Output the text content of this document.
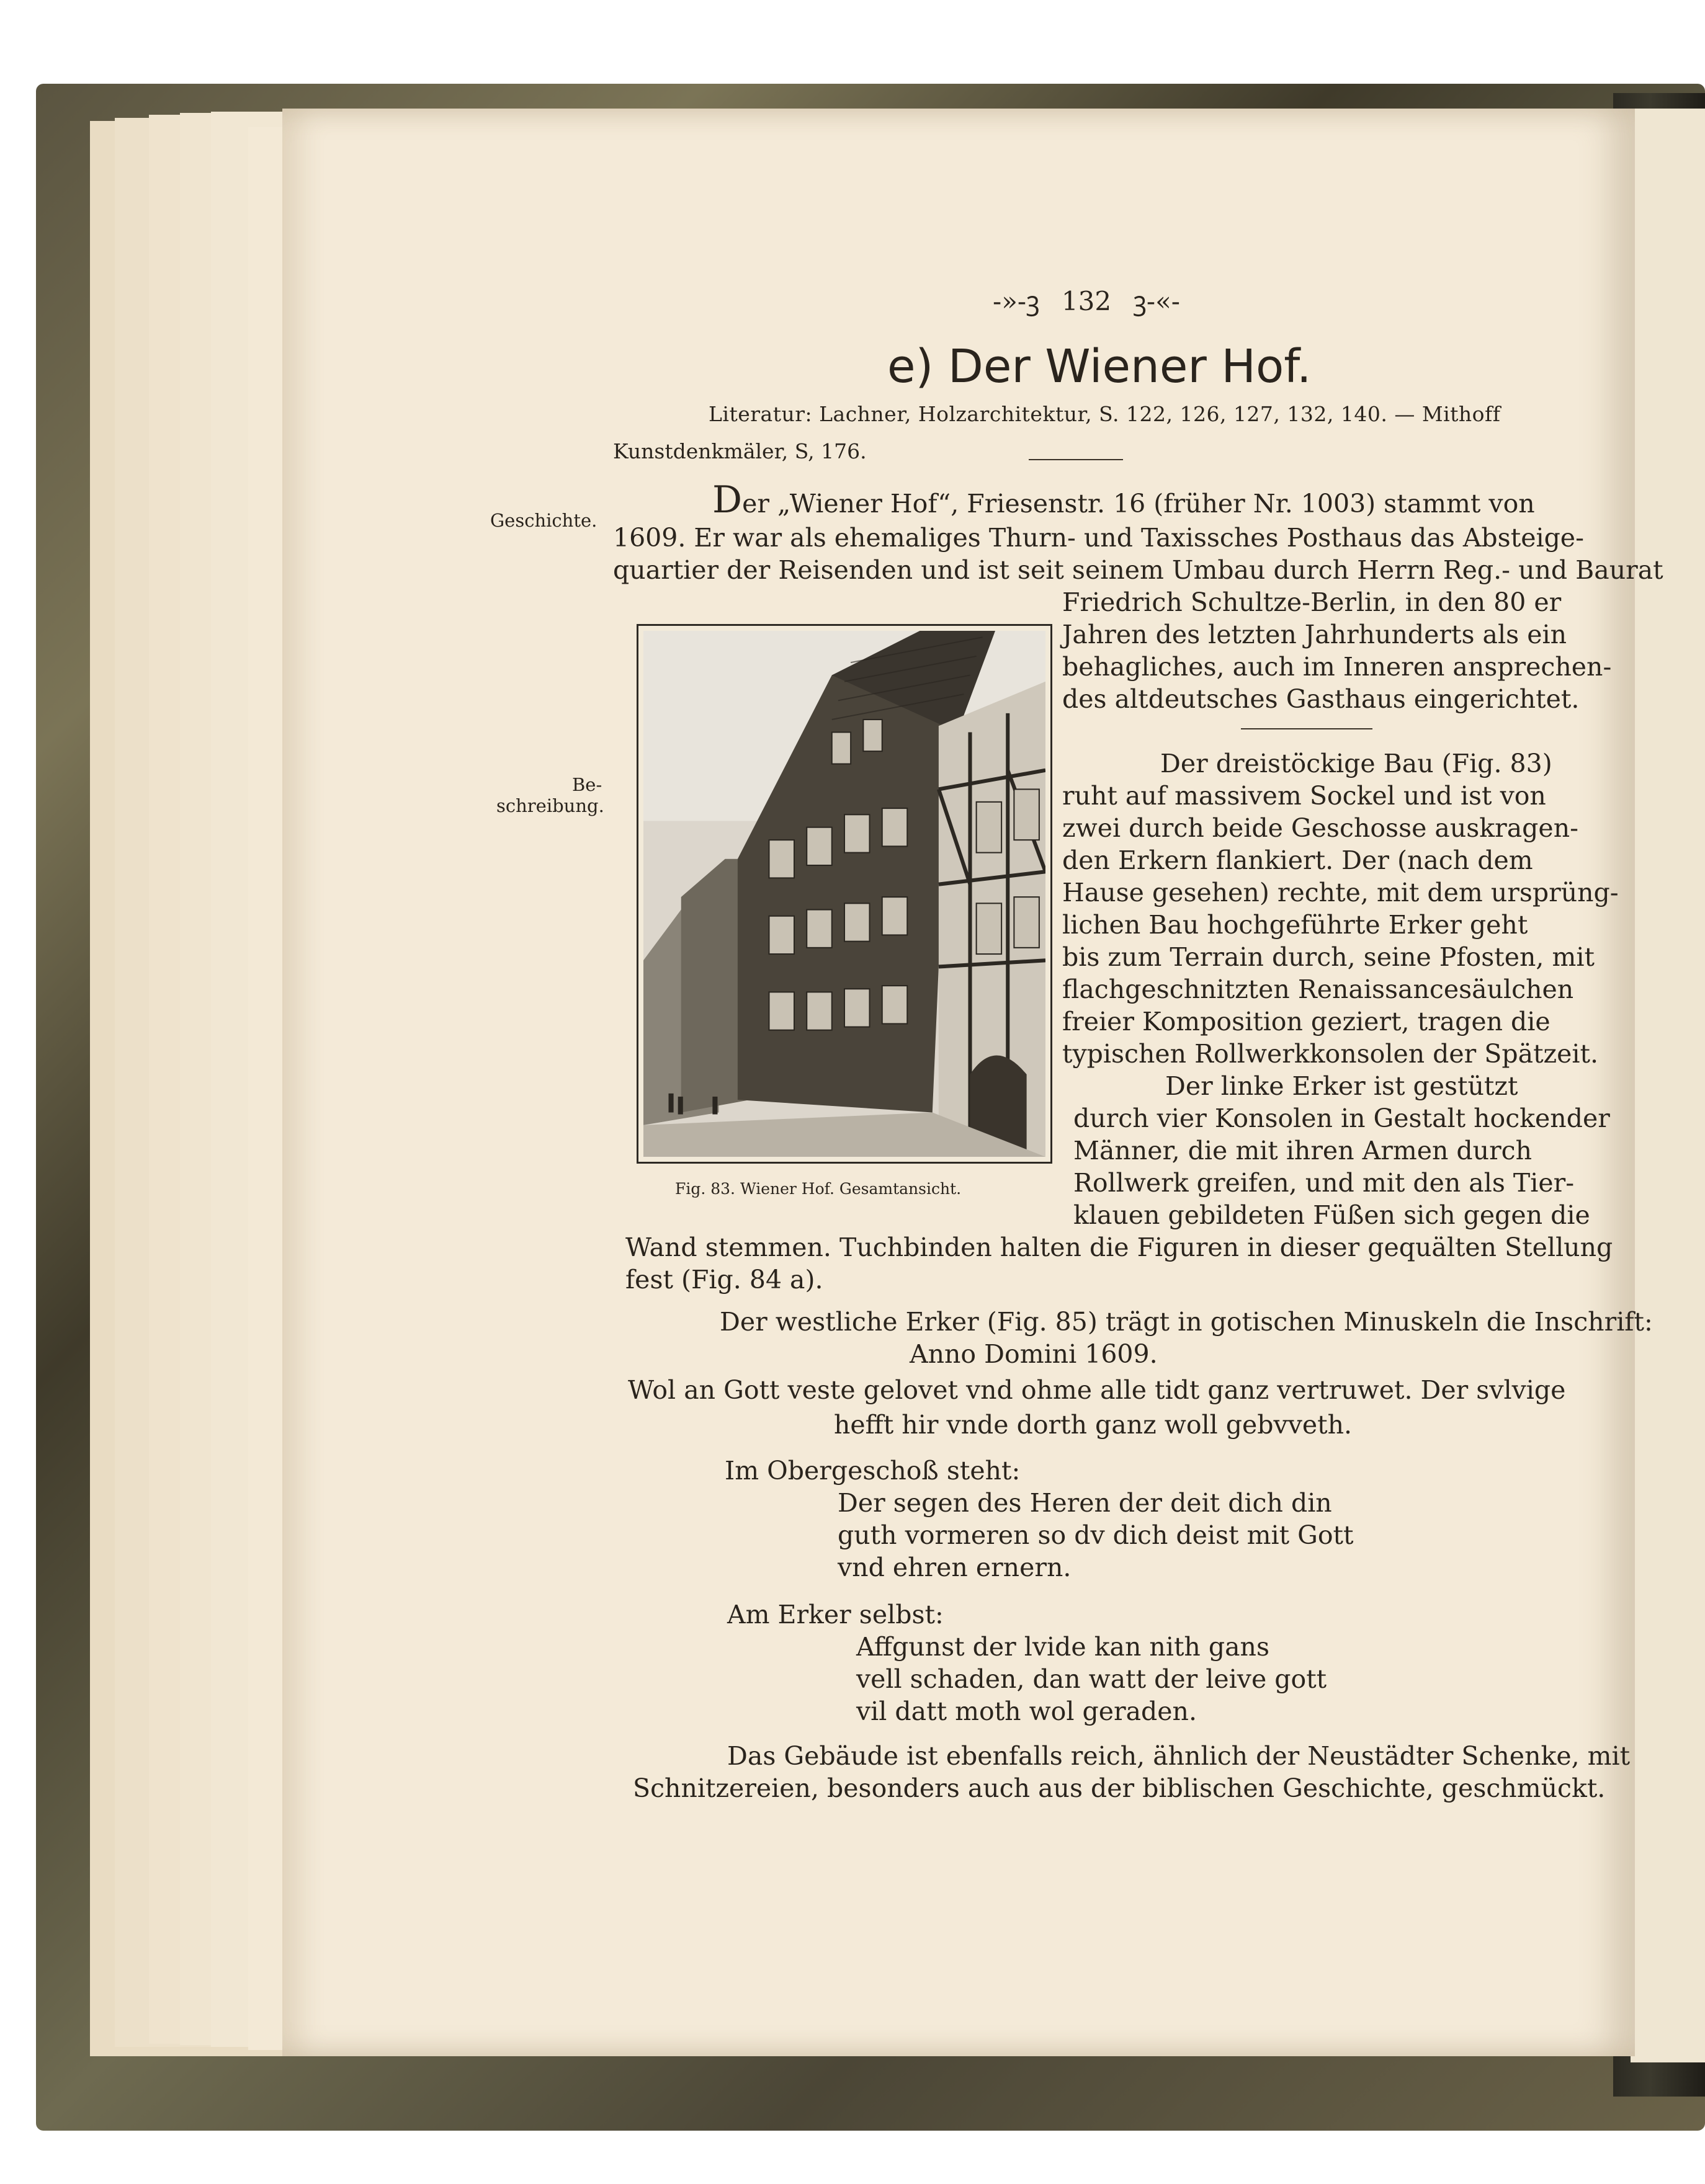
-»-ꝫ 132 ꝫ-«-
e) Der Wiener Hof.
Literatur: Lachner, Holzarchitektur, S. 122, 126, 127, 132, 140. — Mithoff
Kunstdenkmäler, S, 176.
Geschichte.
Be-
schreibung.
Der „Wiener Hof“, Friesenstr. 16 (früher Nr. 1003) stammt von
1609. Er war als ehemaliges Thurn- und Taxissches Posthaus das Absteige-
quartier der Reisenden und ist seit seinem Umbau durch Herrn Reg.- und Baurat
Friedrich Schultze-Berlin, in den 80 er
Jahren des letzten Jahrhunderts als ein
behagliches, auch im Inneren ansprechen-
des altdeutsches Gasthaus eingerichtet.
Fig. 83. Wiener Hof. Gesamtansicht.
Der dreistöckige Bau (Fig. 83)
ruht auf massivem Sockel und ist von
zwei durch beide Geschosse auskragen-
den Erkern flankiert. Der (nach dem
Hause gesehen) rechte, mit dem ursprüng-
lichen Bau hochgeführte Erker geht
bis zum Terrain durch, seine Pfosten, mit
flachgeschnitzten Renaissancesäulchen
freier Komposition geziert, tragen die
typischen Rollwerkkonsolen der Spätzeit.
Der linke Erker ist gestützt
durch vier Konsolen in Gestalt hockender
Männer, die mit ihren Armen durch
Rollwerk greifen, und mit den als Tier-
klauen gebildeten Füßen sich gegen die
Wand stemmen. Tuchbinden halten die Figuren in dieser gequälten Stellung
fest (Fig. 84 a).
Der westliche Erker (Fig. 85) trägt in gotischen Minuskeln die Inschrift:
Anno Domini 1609.
Wol an Gott veste gelovet vnd ohme alle tidt ganz vertruwet. Der svlvige
hefft hir vnde dorth ganz woll gebvveth.
Im Obergeschoß steht:
Der segen des Heren der deit dich din
guth vormeren so dv dich deist mit Gott
vnd ehren ernern.
Am Erker selbst:
Affgunst der lvide kan nith gans
vell schaden, dan watt der leive gott
vil datt moth wol geraden.
Das Gebäude ist ebenfalls reich, ähnlich der Neustädter Schenke, mit
Schnitzereien, besonders auch aus der biblischen Geschichte, geschmückt.
